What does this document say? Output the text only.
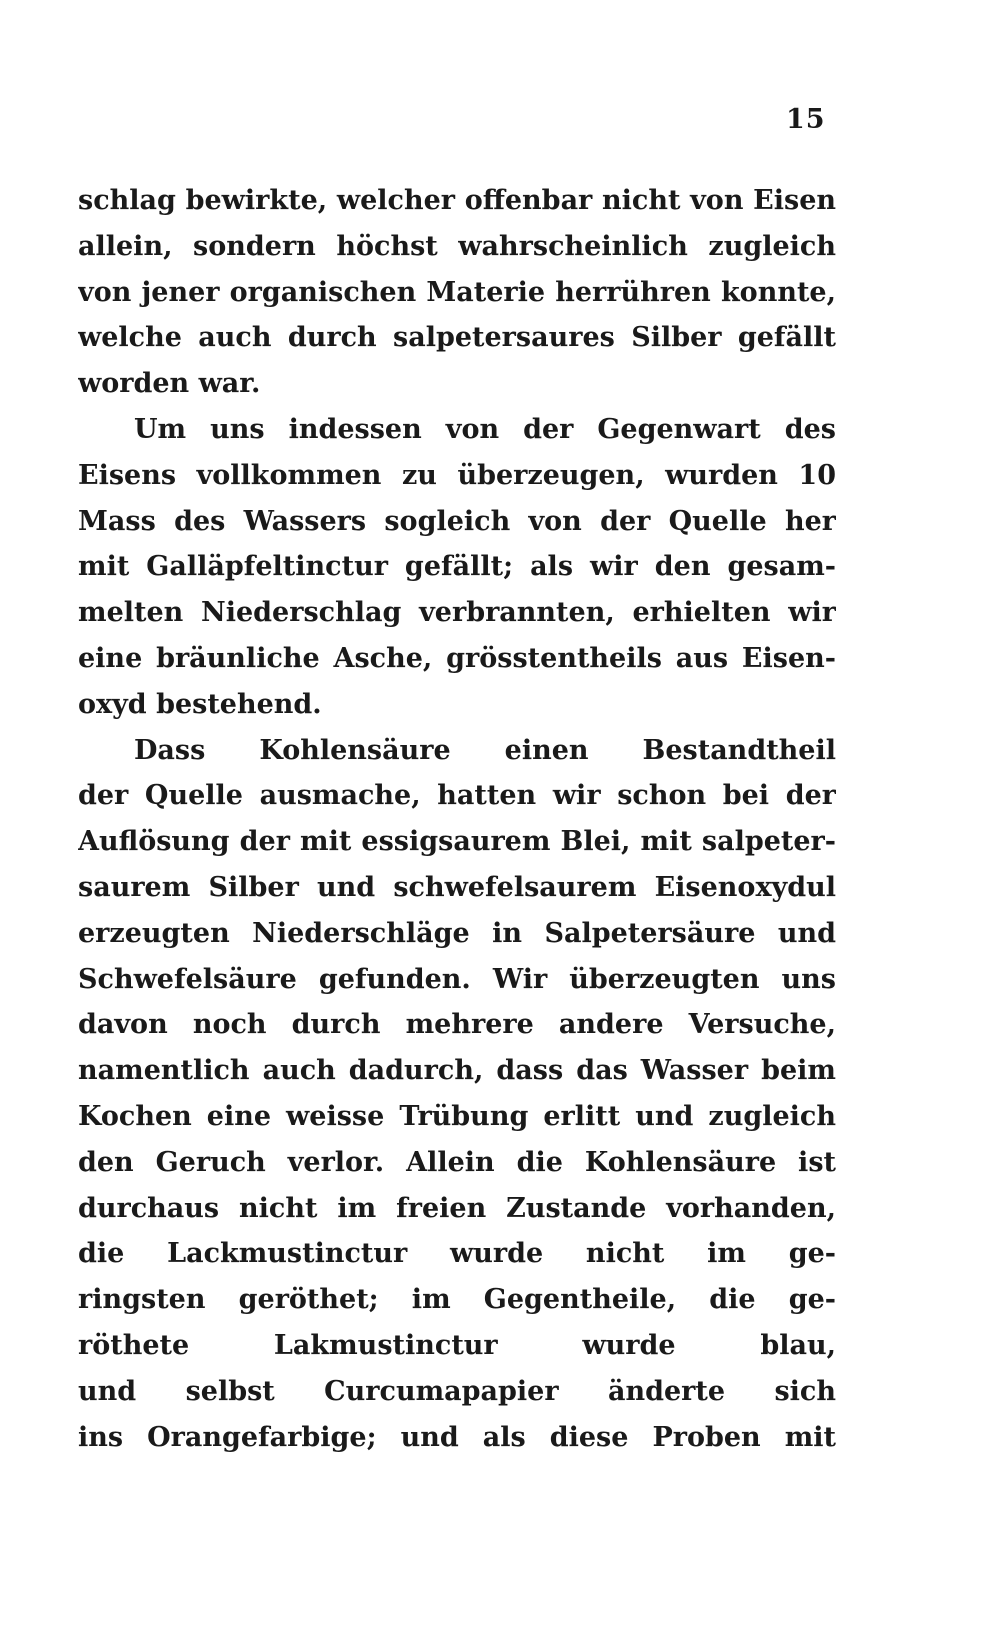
15
schlag bewirkte, welcher offenbar nicht von Eisen
allein, sondern höchst wahrscheinlich zugleich
von jener organischen Materie herrühren konnte,
welche auch durch salpetersaures Silber gefällt
worden war.
Um uns indessen von der Gegenwart des
Eisens vollkommen zu überzeugen, wurden 10
Mass des Wassers sogleich von der Quelle her
mit Galläpfeltinctur gefällt; als wir den gesam-
melten Niederschlag verbrannten, erhielten wir
eine bräunliche Asche, grösstentheils aus Eisen-
oxyd bestehend.
Dass Kohlensäure einen Bestandtheil
der Quelle ausmache, hatten wir schon bei der
Auflösung der mit essigsaurem Blei, mit salpeter-
saurem Silber und schwefelsaurem Eisenoxydul
erzeugten Niederschläge in Salpetersäure und
Schwefelsäure gefunden. Wir überzeugten uns
davon noch durch mehrere andere Versuche,
namentlich auch dadurch, dass das Wasser beim
Kochen eine weisse Trübung erlitt und zugleich
den Geruch verlor. Allein die Kohlensäure ist
durchaus nicht im freien Zustande vorhanden,
die Lackmustinctur wurde nicht im ge-
ringsten geröthet; im Gegentheile, die ge-
röthete Lakmustinctur wurde blau,
und selbst Curcumapapier änderte sich
ins Orangefarbige; und als diese Proben mit
